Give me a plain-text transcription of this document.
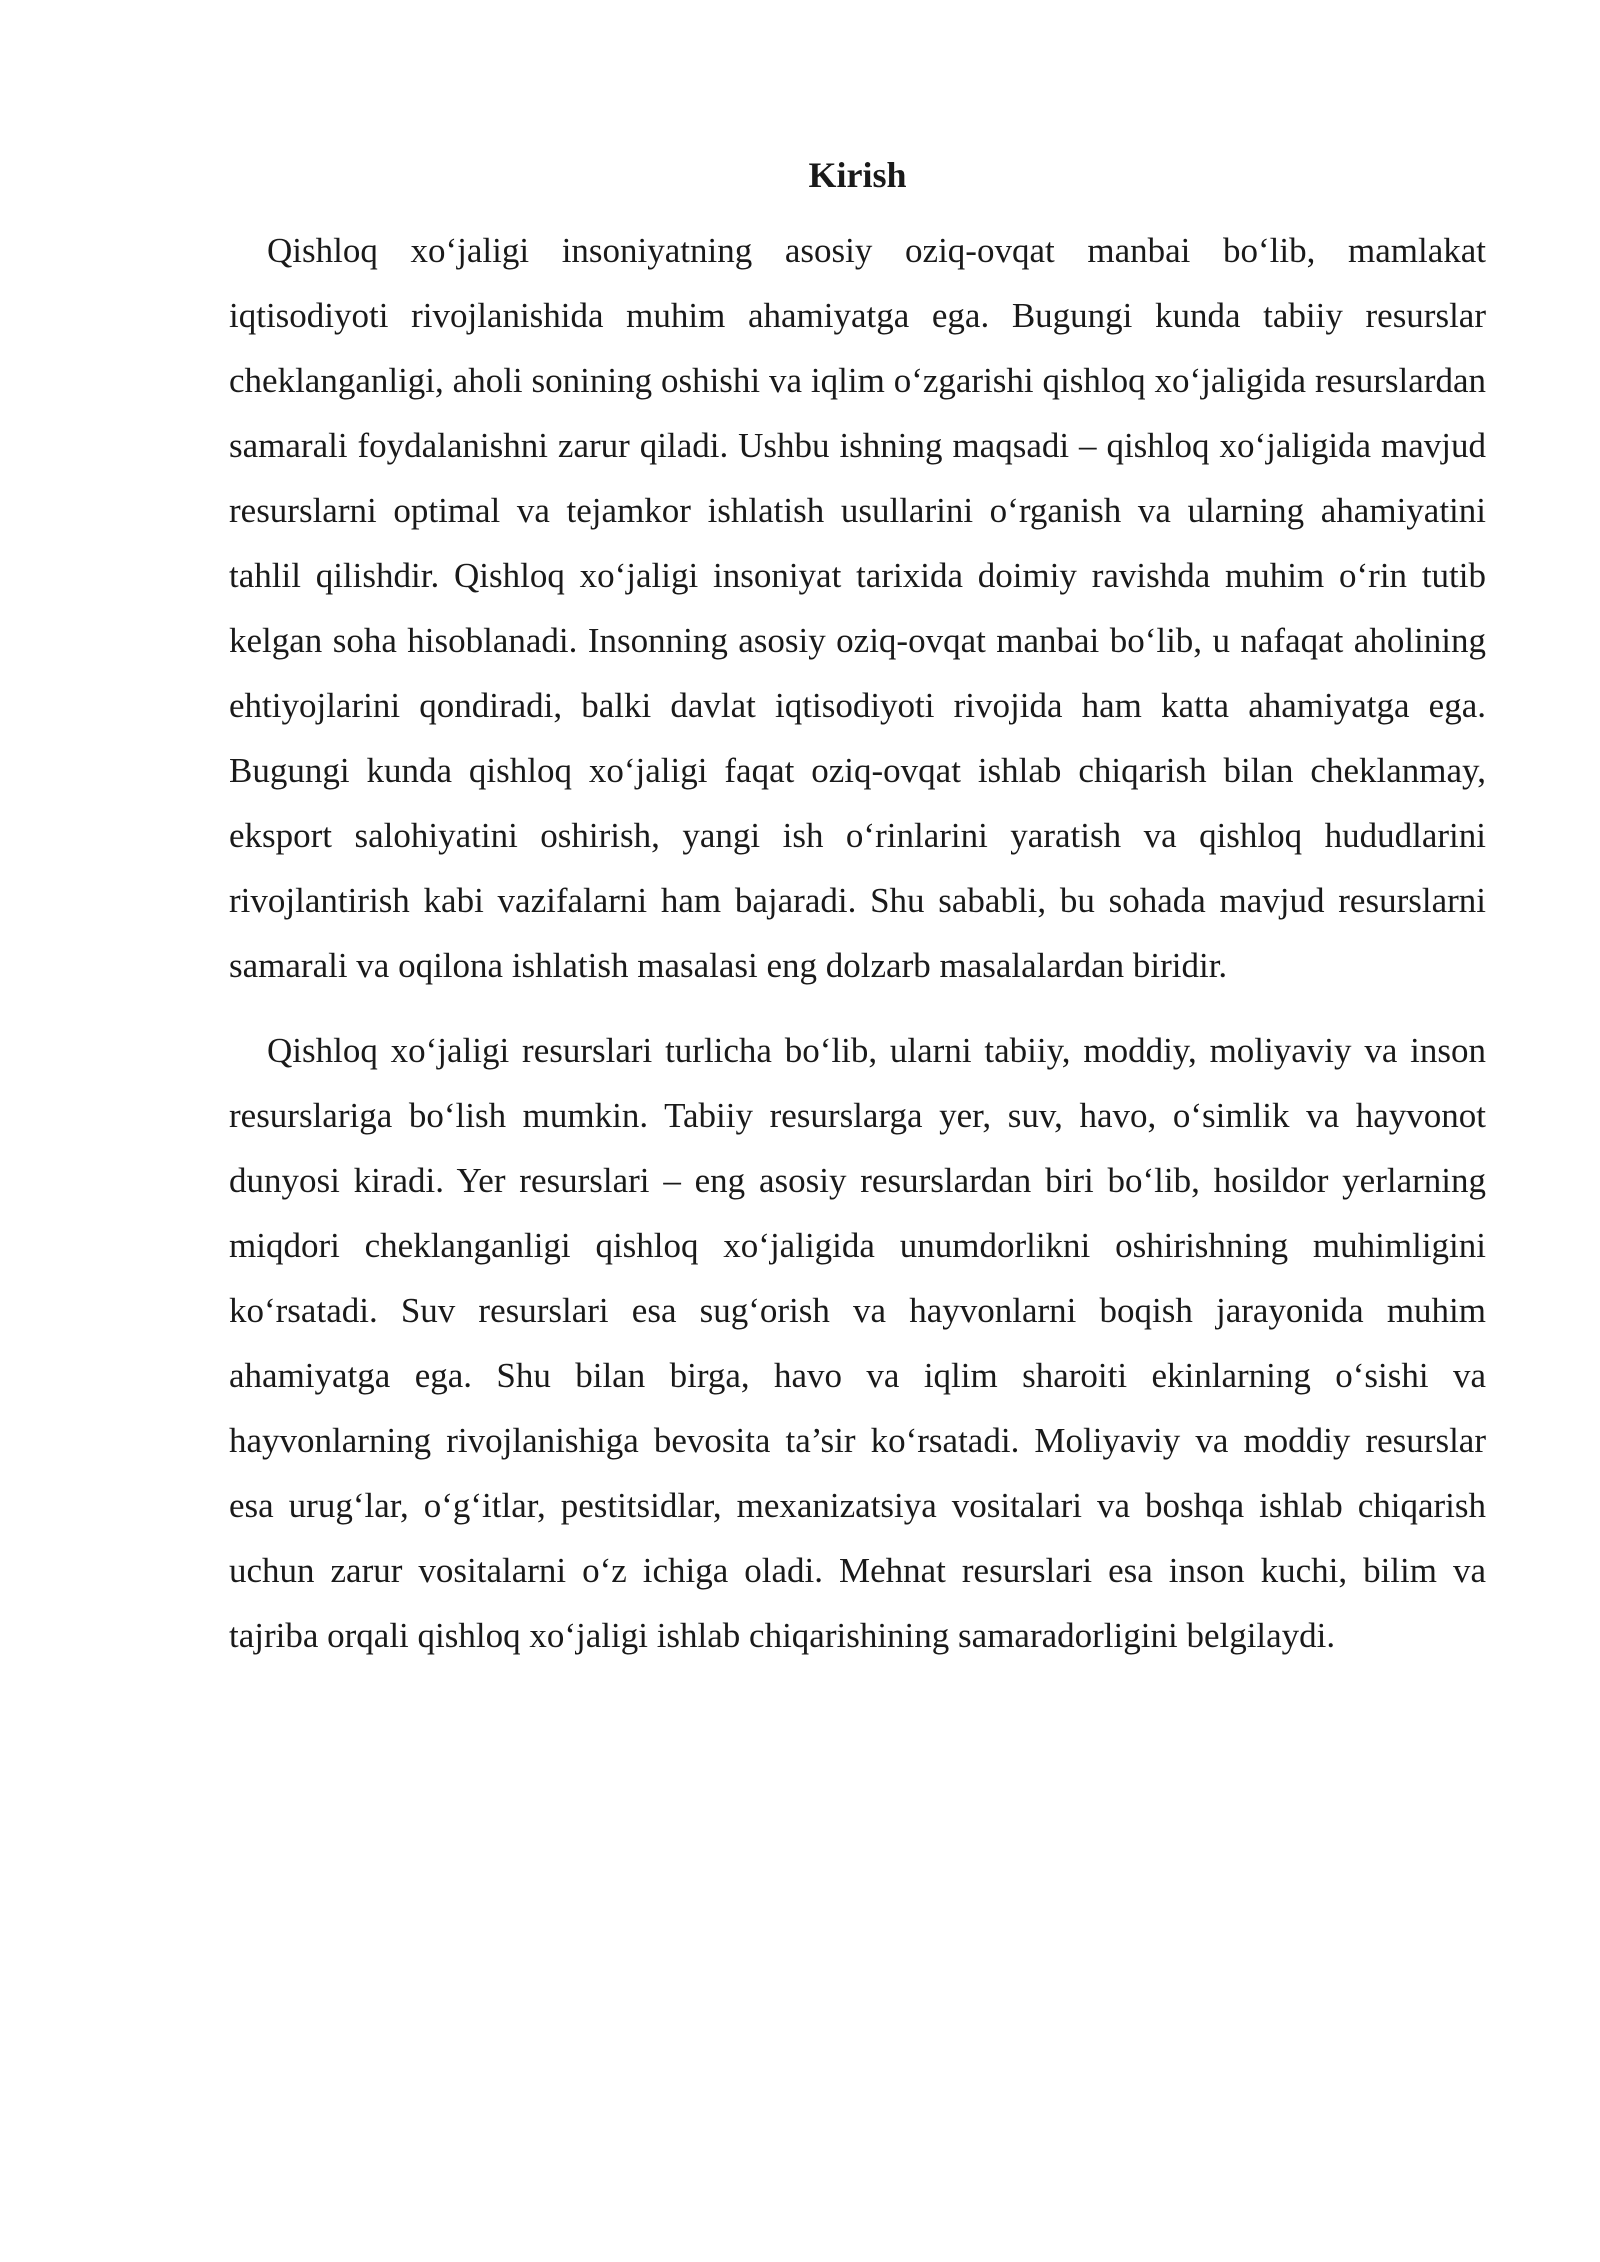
Kirish

Qishloq xo‘jaligi insoniyatning asosiy oziq-ovqat manbai bo‘lib, mamlakat iqtisodiyoti rivojlanishida muhim ahamiyatga ega. Bugungi kunda tabiiy resurslar cheklanganligi, aholi sonining oshishi va iqlim o‘zgarishi qishloq xo‘jaligida resurslardan samarali foydalanishni zarur qiladi. Ushbu ishning maqsadi – qishloq xo‘jaligida mavjud resurslarni optimal va tejamkor ishlatish usullarini o‘rganish va ularning ahamiyatini tahlil qilishdir. Qishloq xo‘jaligi insoniyat tarixida doimiy ravishda muhim o‘rin tutib kelgan soha hisoblanadi. Insonning asosiy oziq-ovqat manbai bo‘lib, u nafaqat aholining ehtiyojlarini qondiradi, balki davlat iqtisodiyoti rivojida ham katta ahamiyatga ega. Bugungi kunda qishloq xo‘jaligi faqat oziq-ovqat ishlab chiqarish bilan cheklanmay, eksport salohiyatini oshirish, yangi ish o‘rinlarini yaratish va qishloq hududlarini rivojlantirish kabi vazifalarni ham bajaradi. Shu sababli, bu sohada mavjud resurslarni samarali va oqilona ishlatish masalasi eng dolzarb masalalardan biridir.

Qishloq xo‘jaligi resurslari turlicha bo‘lib, ularni tabiiy, moddiy, moliyaviy va inson resurslariga bo‘lish mumkin. Tabiiy resurslarga yer, suv, havo, o‘simlik va hayvonot dunyosi kiradi. Yer resurslari – eng asosiy resurslardan biri bo‘lib, hosildor yerlarning miqdori cheklanganligi qishloq xo‘jaligida unumdorlikni oshirishning muhimligini ko‘rsatadi. Suv resurslari esa sug‘orish va hayvonlarni boqish jarayonida muhim ahamiyatga ega. Shu bilan birga, havo va iqlim sharoiti ekinlarning o‘sishi va hayvonlarning rivojlanishiga bevosita ta’sir ko‘rsatadi. Moliyaviy va moddiy resurslar esa urug‘lar, o‘g‘itlar, pestitsidlar, mexanizatsiya vositalari va boshqa ishlab chiqarish uchun zarur vositalarni o‘z ichiga oladi. Mehnat resurslari esa inson kuchi, bilim va tajriba orqali qishloq xo‘jaligi ishlab chiqarishining samaradorligini belgilaydi.
